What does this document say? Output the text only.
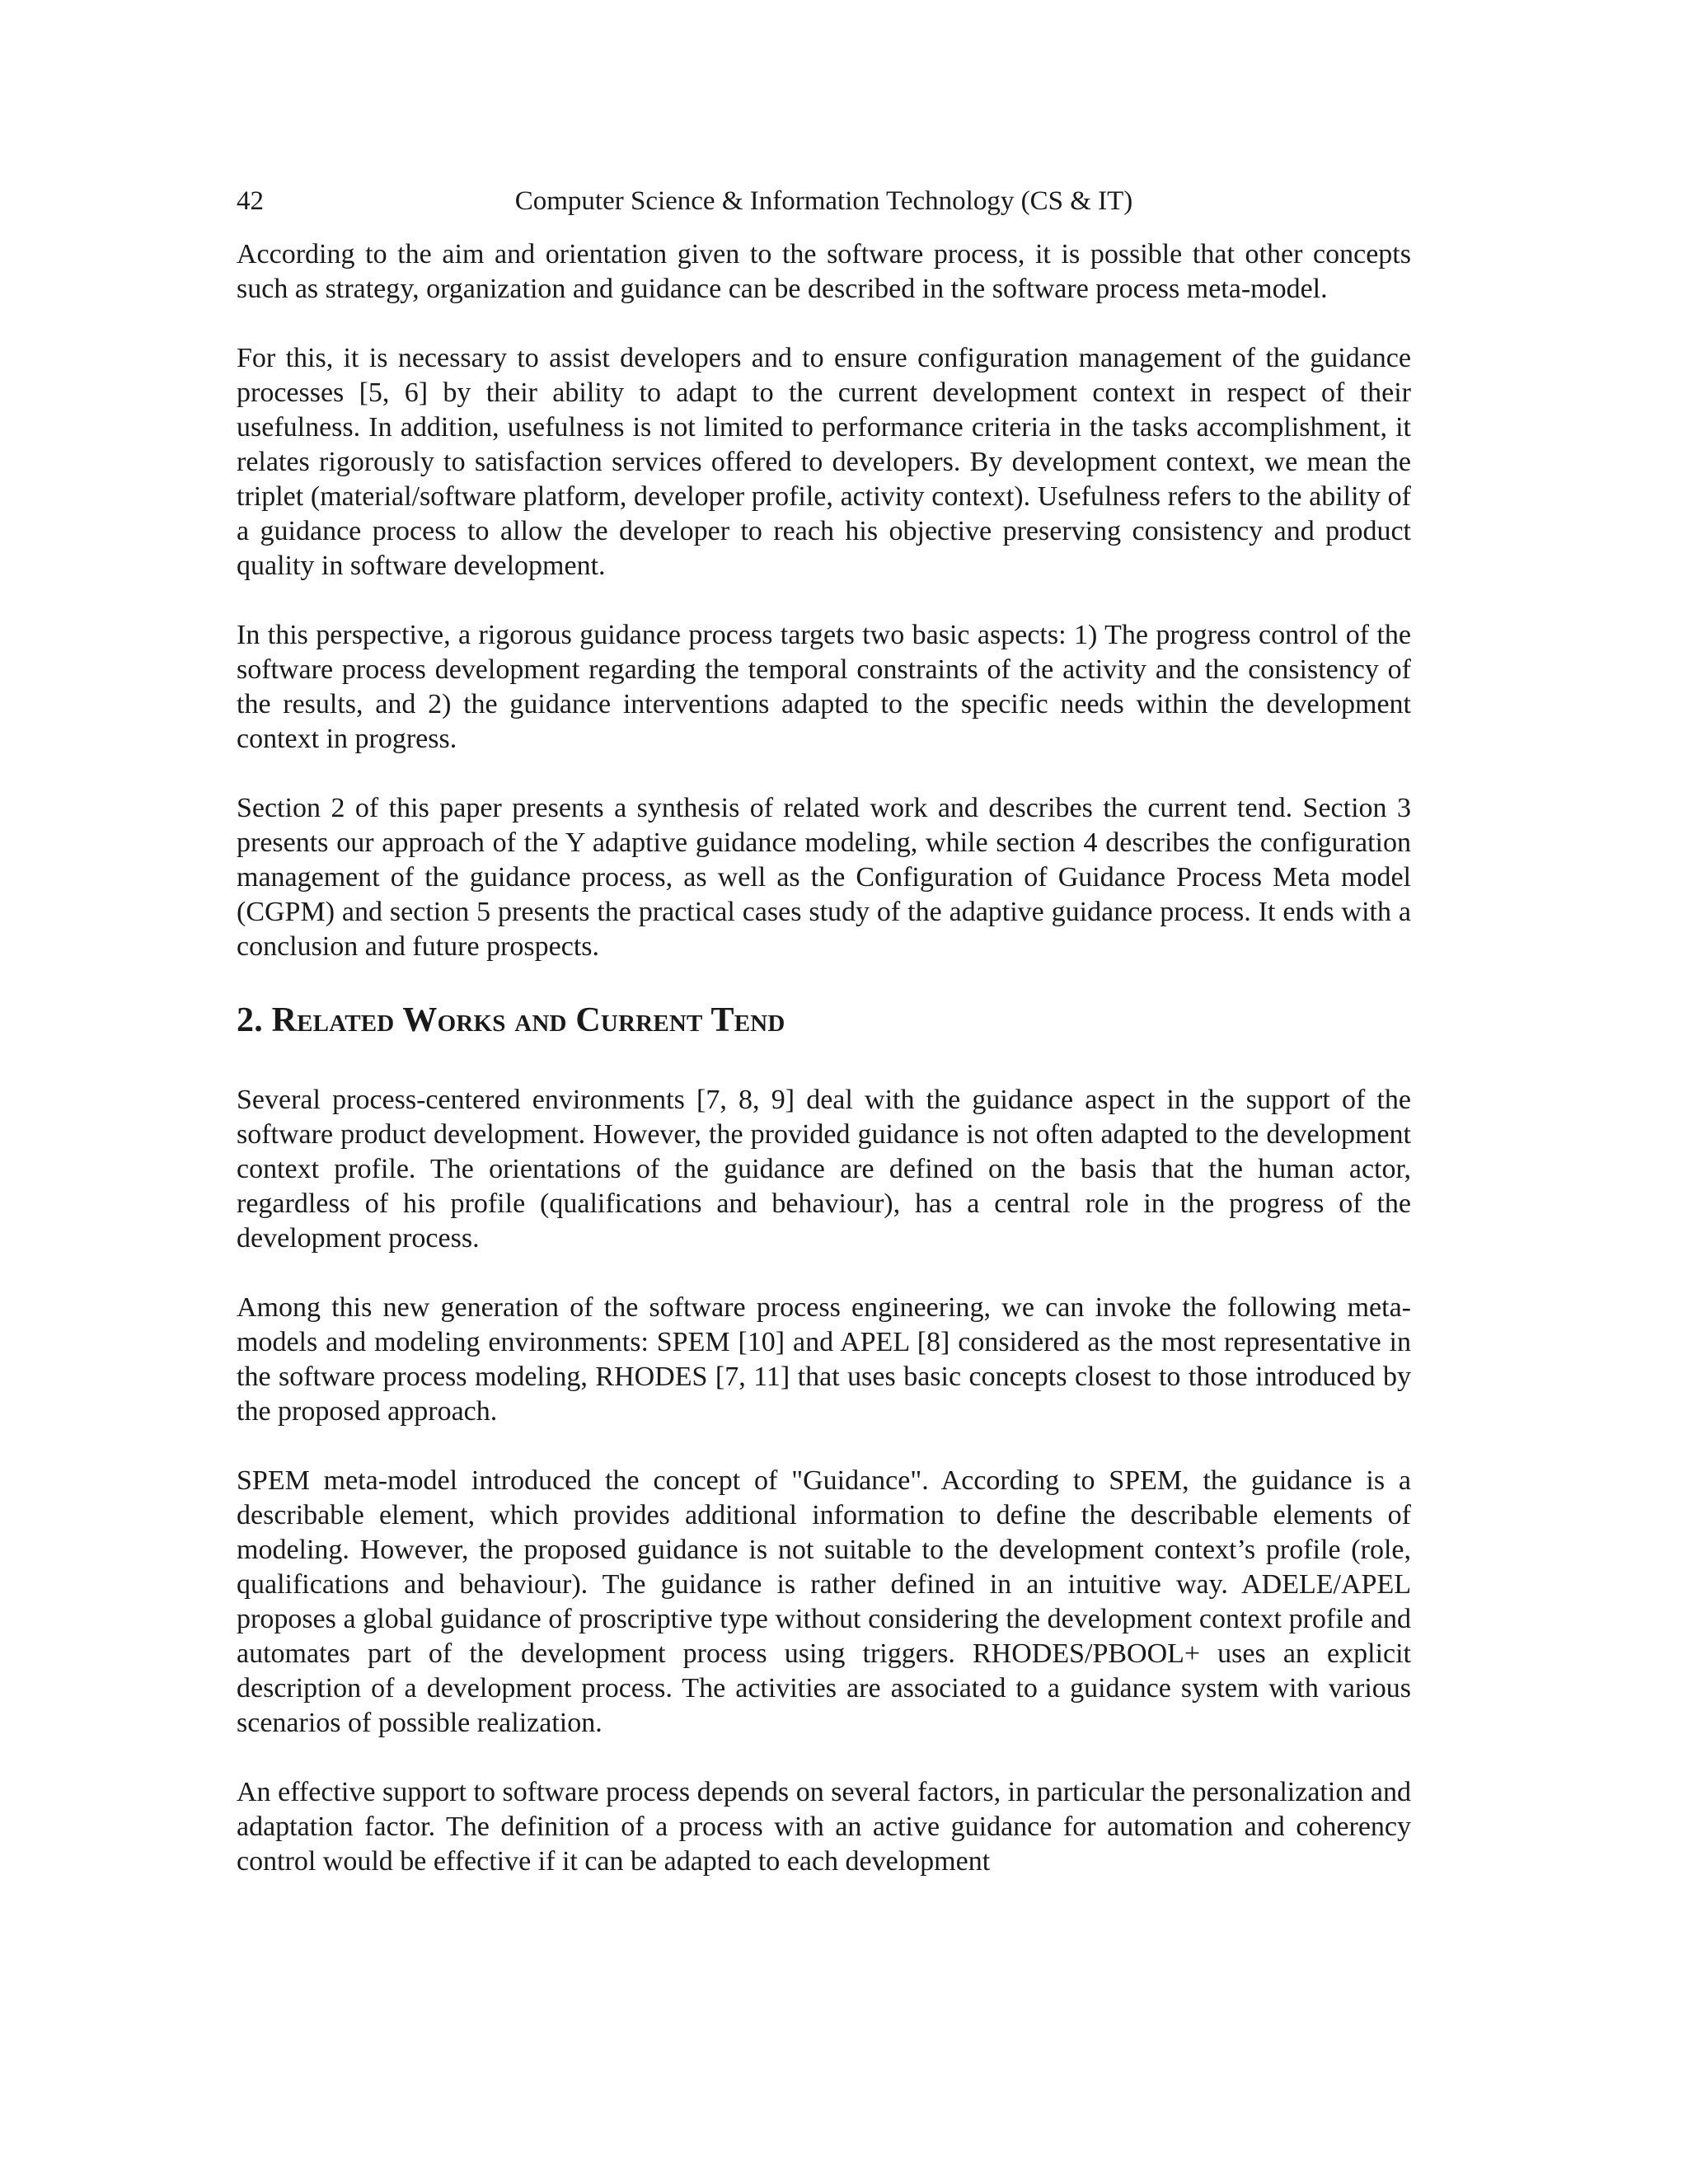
42	Computer Science & Information Technology (CS & IT)

According to the aim and orientation given to the software process, it is possible that other concepts such as strategy, organization and guidance can be described in the software process meta-model.

For this, it is necessary to assist developers and to ensure configuration management of the guidance processes [5, 6] by their ability to adapt to the current development context in respect of their usefulness. In addition, usefulness is not limited to performance criteria in the tasks accomplishment, it relates rigorously to satisfaction services offered to developers. By development context, we mean the triplet (material/software platform, developer profile, activity context). Usefulness refers to the ability of a guidance process to allow the developer to reach his objective preserving consistency and product quality in software development.

In this perspective, a rigorous guidance process targets two basic aspects: 1) The progress control of the software process development regarding the temporal constraints of the activity and the consistency of the results, and 2) the guidance interventions adapted to the specific needs within the development context in progress.

Section 2 of this paper presents a synthesis of related work and describes the current tend. Section 3 presents our approach of the Y adaptive guidance modeling, while section 4 describes the configuration management of the guidance process, as well as the Configuration of Guidance Process Meta model (CGPM) and section 5 presents the practical cases study of the adaptive guidance process. It ends with a conclusion and future prospects.

2. Related Works and Current Tend

Several process-centered environments [7, 8, 9] deal with the guidance aspect in the support of the software product development. However, the provided guidance is not often adapted to the development context profile. The orientations of the guidance are defined on the basis that the human actor, regardless of his profile (qualifications and behaviour), has a central role in the progress of the development process.

Among this new generation of the software process engineering, we can invoke the following meta-models and modeling environments: SPEM [10] and APEL [8] considered as the most representative in the software process modeling, RHODES [7, 11] that uses basic concepts closest to those introduced by the proposed approach.

SPEM meta-model introduced the concept of "Guidance". According to SPEM, the guidance is a describable element, which provides additional information to define the describable elements of modeling. However, the proposed guidance is not suitable to the development context’s profile (role, qualifications and behaviour). The guidance is rather defined in an intuitive way. ADELE/APEL proposes a global guidance of proscriptive type without considering the development context profile and automates part of the development process using triggers. RHODES/PBOOL+ uses an explicit description of a development process. The activities are associated to a guidance system with various scenarios of possible realization.

An effective support to software process depends on several factors, in particular the personalization and adaptation factor. The definition of a process with an active guidance for automation and coherency control would be effective if it can be adapted to each development
